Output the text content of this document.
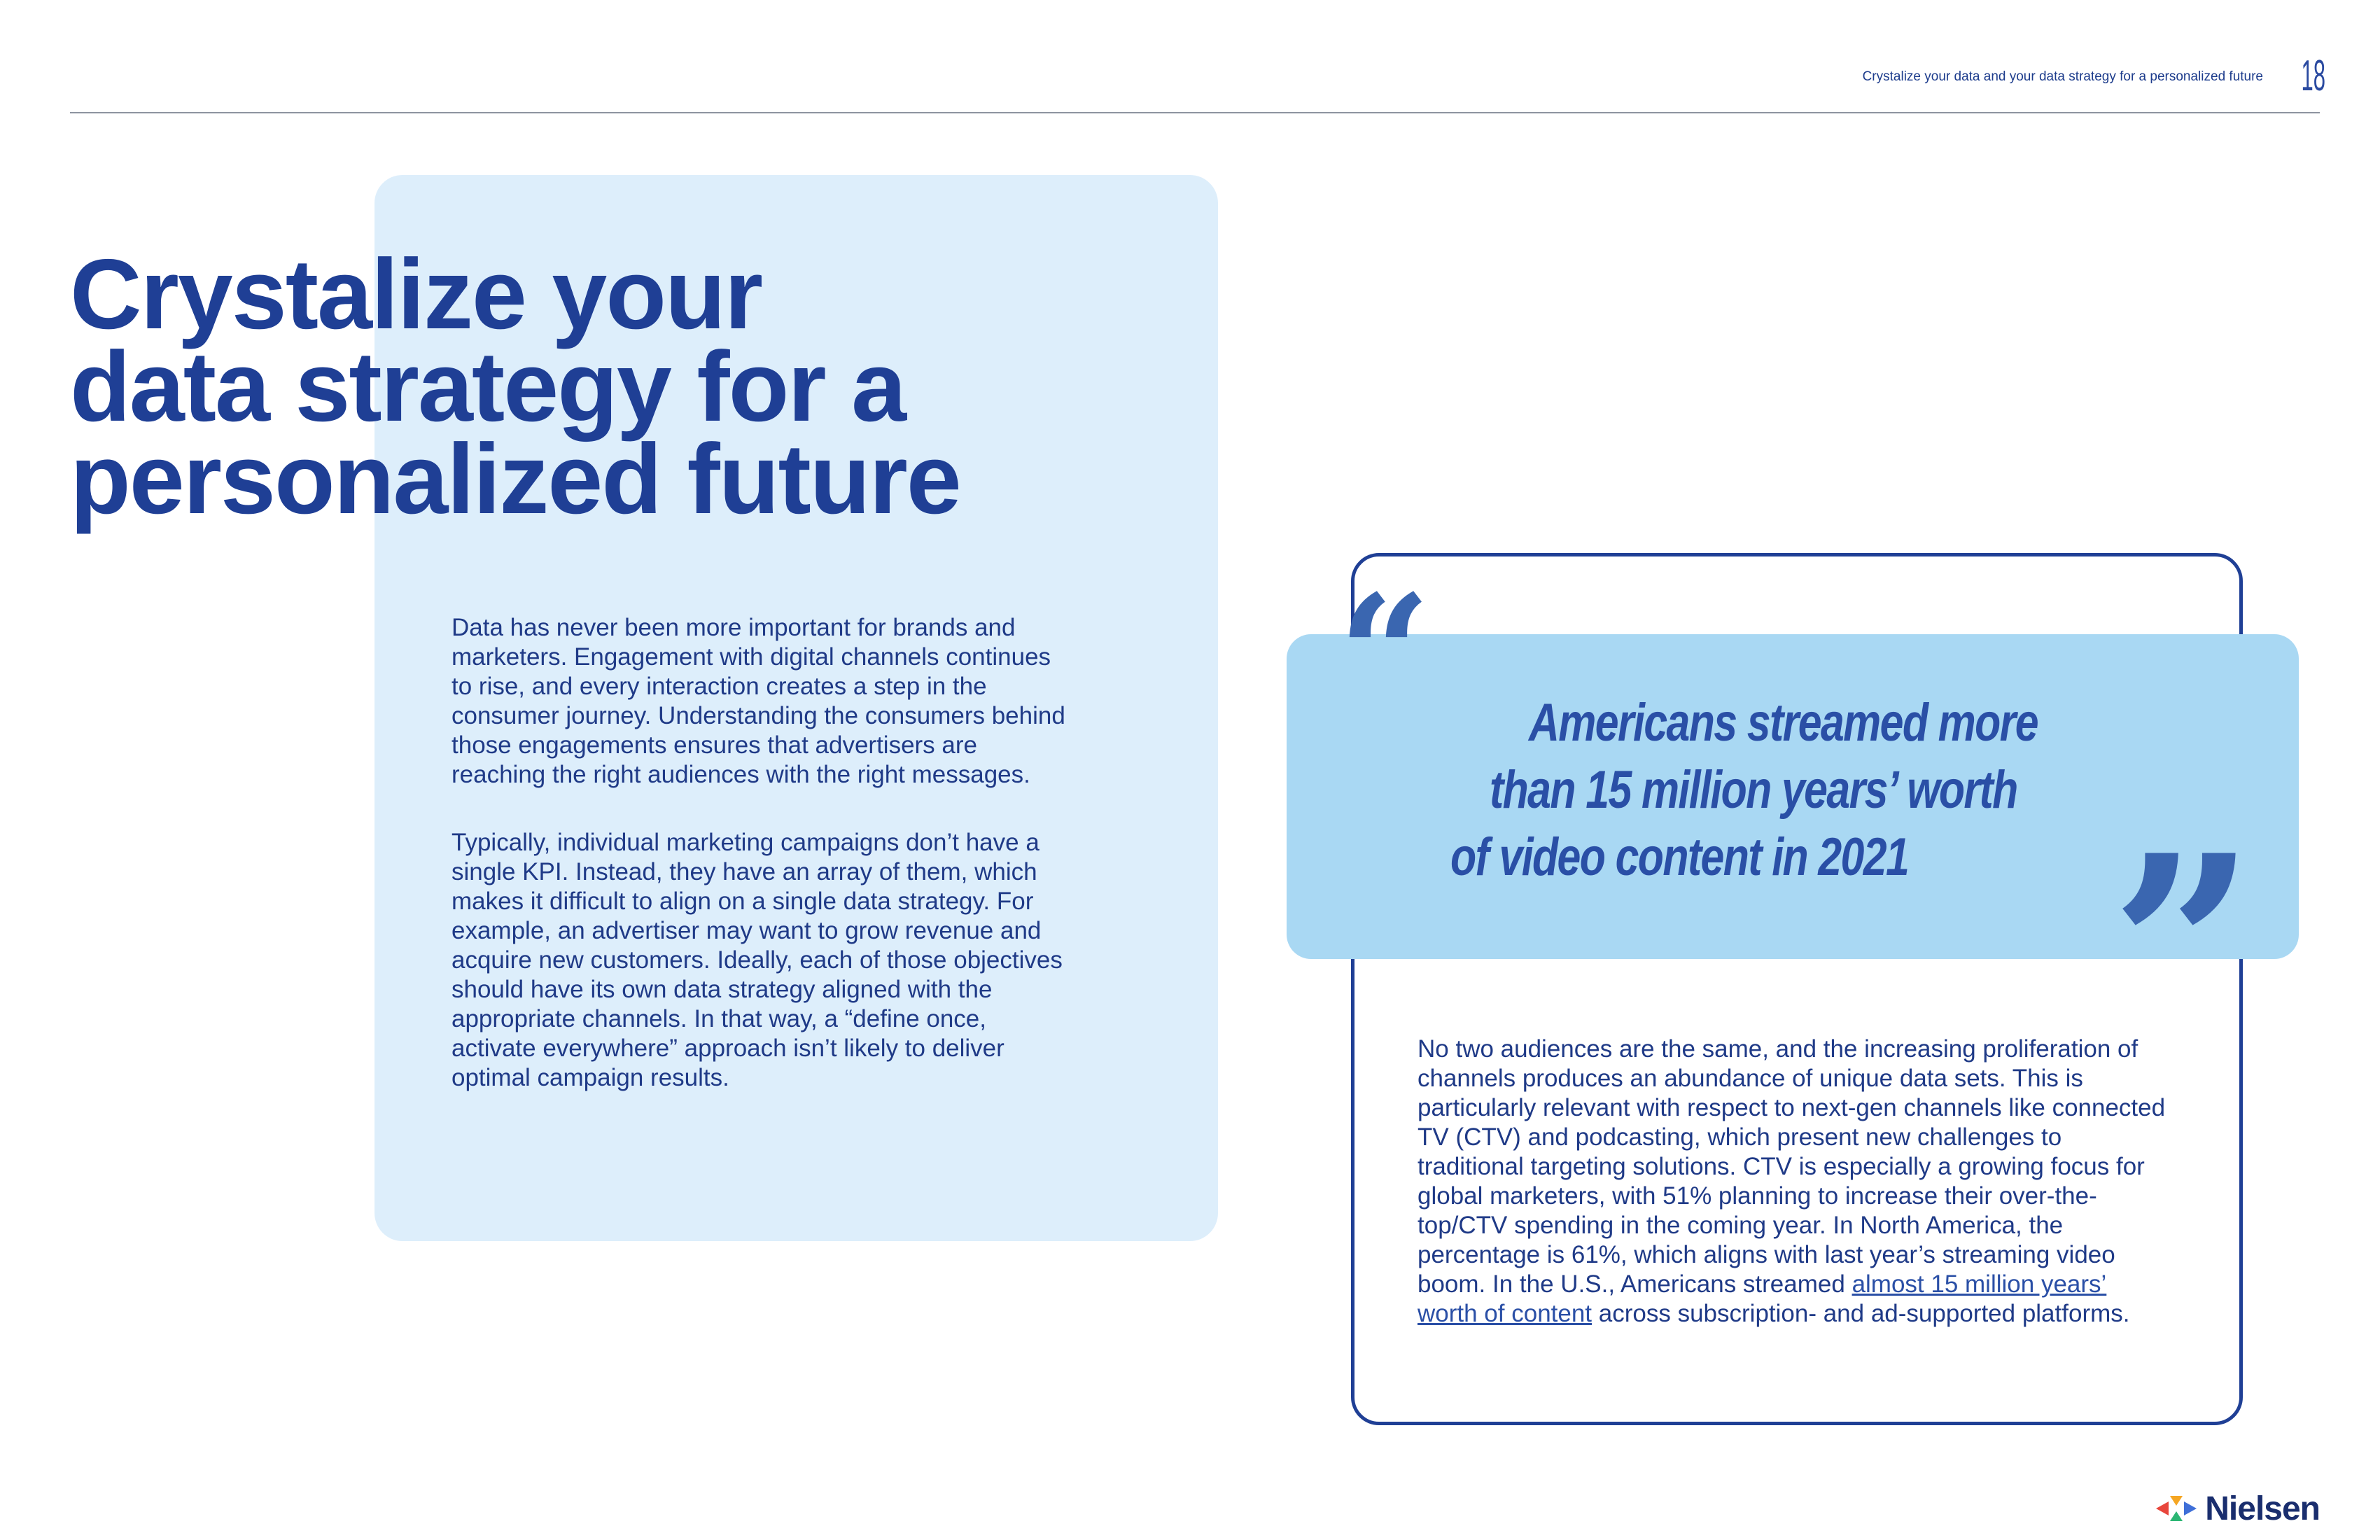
Crystalize your data and your data strategy for a personalized future 18
Crystalize your
data strategy for a
personalized future

Data has never been more important for brands and marketers. Engagement with digital channels continues to rise, and every interaction creates a step in the consumer journey. Understanding the consumers behind those engagements ensures that advertisers are reaching the right audiences with the right messages.

Typically, individual marketing campaigns don’t have a single KPI. Instead, they have an array of them, which makes it difficult to align on a single data strategy. For example, an advertiser may want to grow revenue and acquire new customers. Ideally, each of those objectives should have its own data strategy aligned with the appropriate channels. In that way, a “define once, activate everywhere” approach isn’t likely to deliver optimal campaign results.

“
”

Americans streamed more
than 15 million years’ worth
of video content in 2021

No two audiences are the same, and the increasing proliferation of channels produces an abundance of unique data sets. This is particularly relevant with respect to next-gen channels like connected TV (CTV) and podcasting, which present new challenges to traditional targeting solutions. CTV is especially a growing focus for global marketers, with 51% planning to increase their over-the-top/CTV spending in the coming year. In North America, the percentage is 61%, which aligns with last year’s streaming video boom. In the U.S., Americans streamed almost 15 million years’ worth of content across subscription- and ad-supported platforms.

Nielsen
